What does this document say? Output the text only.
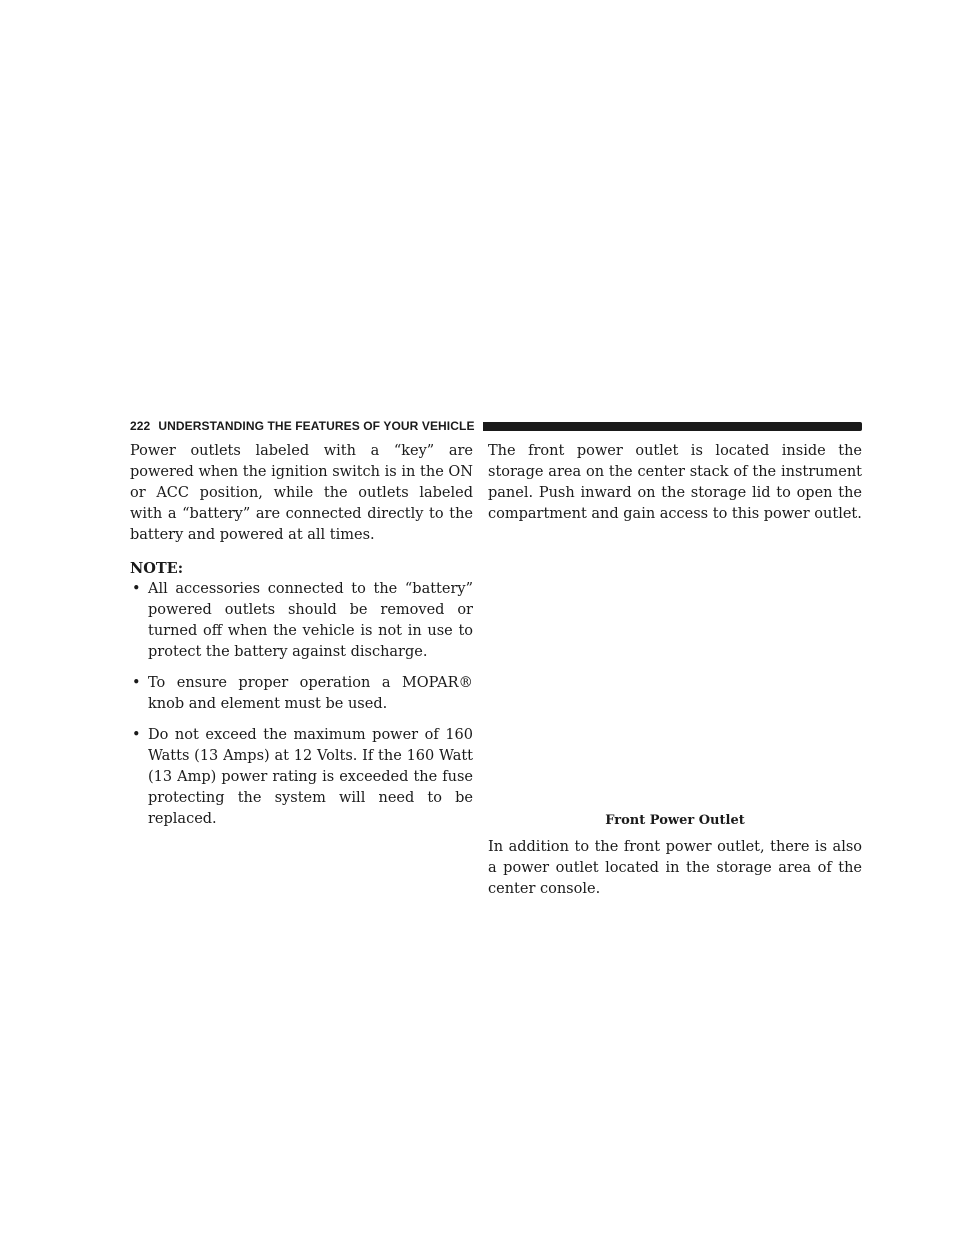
222 UNDERSTANDING THE FEATURES OF YOUR VEHICLE

Power outlets labeled with a “key” are powered when the ignition switch is in the ON or ACC position, while the outlets labeled with a “battery” are connected directly to the battery and powered at all times.

NOTE:

• All accessories connected to the “battery” powered outlets should be removed or turned off when the vehicle is not in use to protect the battery against discharge.
• To ensure proper operation a MOPAR® knob and element must be used.
• Do not exceed the maximum power of 160 Watts (13 Amps) at 12 Volts. If the 160 Watt (13 Amp) power rating is exceeded the fuse protecting the system will need to be replaced.

The front power outlet is located inside the storage area on the center stack of the instrument panel. Push inward on the storage lid to open the compartment and gain access to this power outlet.

Front Power Outlet

In addition to the front power outlet, there is also a power outlet located in the storage area of the center console.
